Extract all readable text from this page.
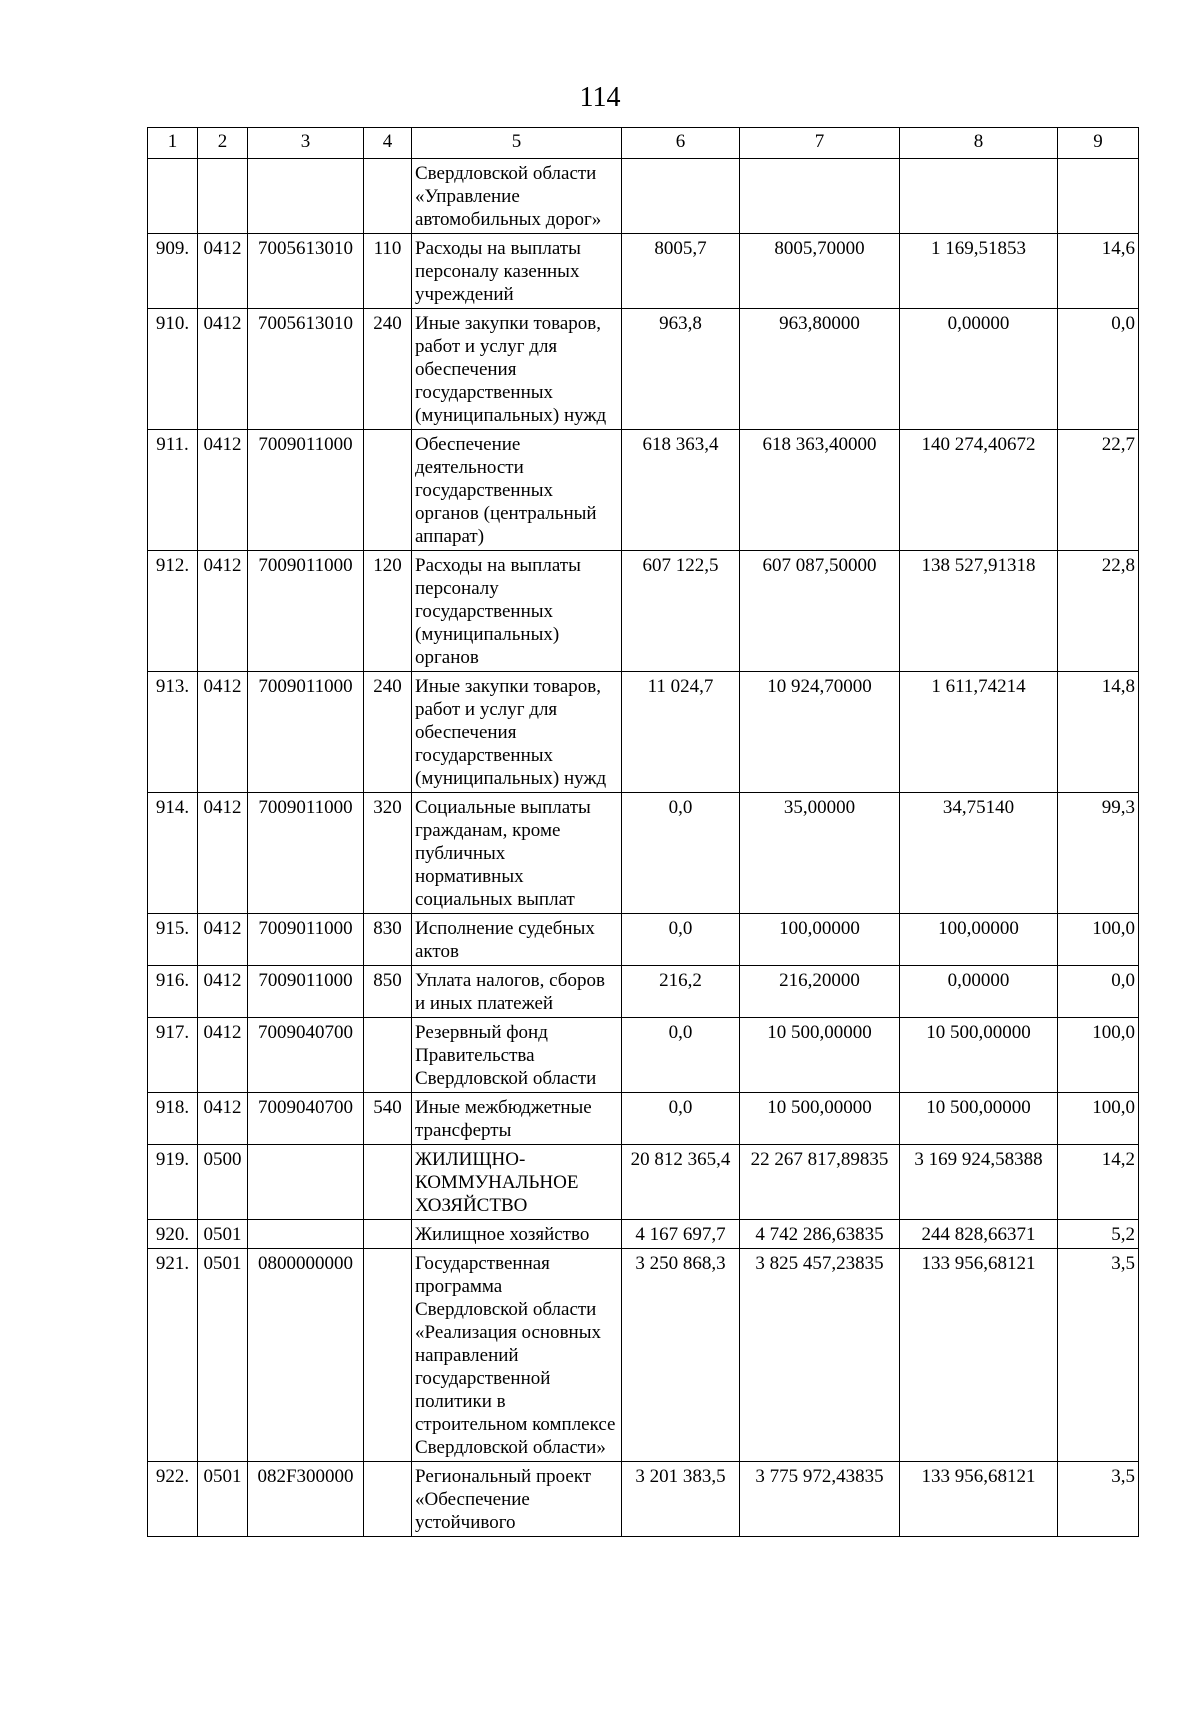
114
1	2	3	4	5	6	7	8	9
				Свердловской области «Управление автомобильных дорог»				
909.	0412	7005613010	110	Расходы на выплаты персоналу казенных учреждений	8005,7	8005,70000	1 169,51853	14,6
910.	0412	7005613010	240	Иные закупки товаров, работ и услуг для обеспечения государственных (муниципальных) нужд	963,8	963,80000	0,00000	0,0
911.	0412	7009011000		Обеспечение деятельности государственных органов (центральный аппарат)	618 363,4	618 363,40000	140 274,40672	22,7
912.	0412	7009011000	120	Расходы на выплаты персоналу государственных (муниципальных) органов	607 122,5	607 087,50000	138 527,91318	22,8
913.	0412	7009011000	240	Иные закупки товаров, работ и услуг для обеспечения государственных (муниципальных) нужд	11 024,7	10 924,70000	1 611,74214	14,8
914.	0412	7009011000	320	Социальные выплаты гражданам, кроме публичных нормативных социальных выплат	0,0	35,00000	34,75140	99,3
915.	0412	7009011000	830	Исполнение судебных актов	0,0	100,00000	100,00000	100,0
916.	0412	7009011000	850	Уплата налогов, сборов и иных платежей	216,2	216,20000	0,00000	0,0
917.	0412	7009040700		Резервный фонд Правительства Свердловской области	0,0	10 500,00000	10 500,00000	100,0
918.	0412	7009040700	540	Иные межбюджетные трансферты	0,0	10 500,00000	10 500,00000	100,0
919.	0500			ЖИЛИЩНО-КОММУНАЛЬНОЕ ХОЗЯЙСТВО	20 812 365,4	22 267 817,89835	3 169 924,58388	14,2
920.	0501			Жилищное хозяйство	4 167 697,7	4 742 286,63835	244 828,66371	5,2
921.	0501	0800000000		Государственная программа Свердловской области «Реализация основных направлений государственной политики в строительном комплексе Свердловской области»	3 250 868,3	3 825 457,23835	133 956,68121	3,5
922.	0501	082F300000		Региональный проект «Обеспечение устойчивого	3 201 383,5	3 775 972,43835	133 956,68121	3,5
